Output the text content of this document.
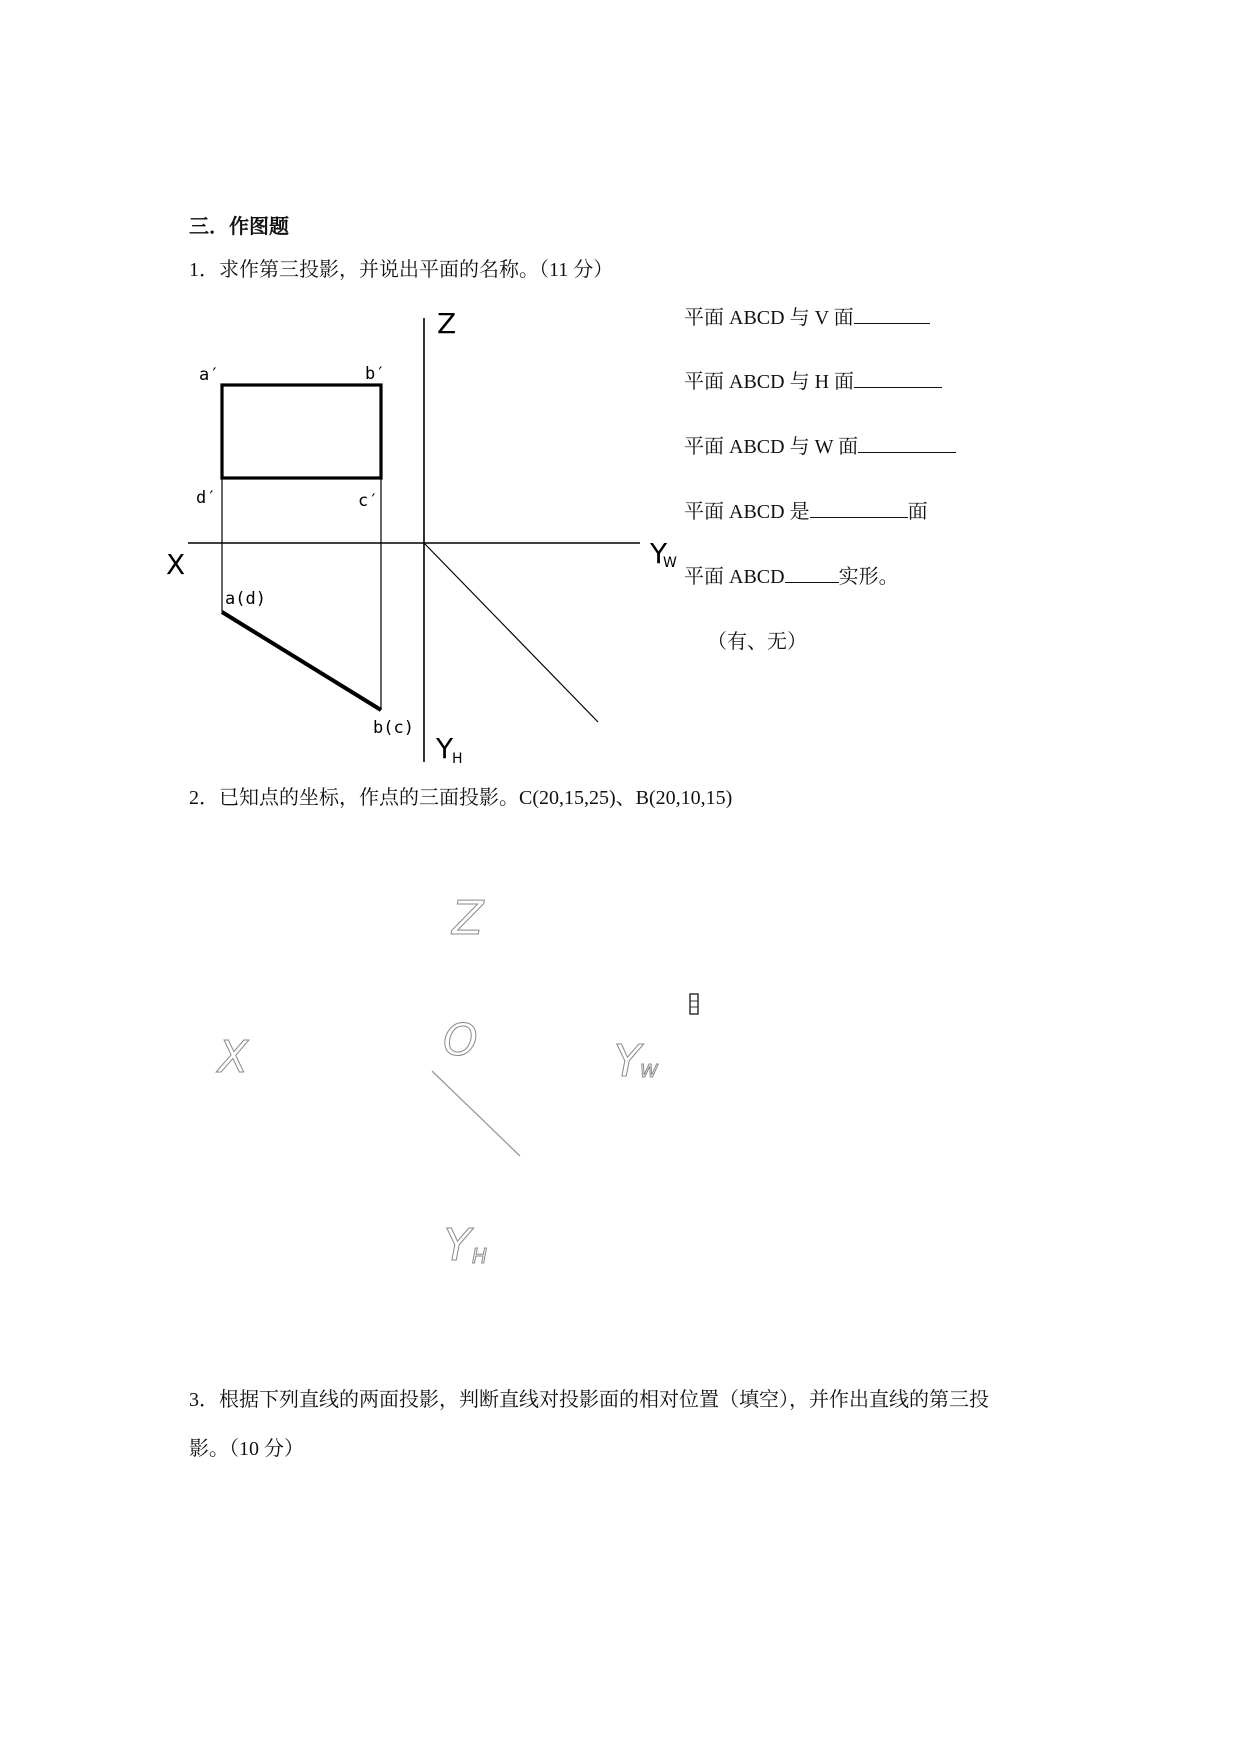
三．作图题
1．求作第三投影，并说出平面的名称。（11 分）
Z
X	Y
W
Y
H
a′	b′
d′	c′
a(d)
b(c)
Z
X	O	Y W
Y H
平面 ABCD 与 V 面
平面 ABCD 与 H 面
平面 ABCD 与 W 面
平面 ABCD 是	面
平面 ABCD	实形。
（有、无）
2．已知点的坐标，作点的三面投影。C(20,15,25)、B(20,10,15)
3．根据下列直线的两面投影，判断直线对投影面的相对位置（填空），并作出直线的第三投
影。（10 分）
